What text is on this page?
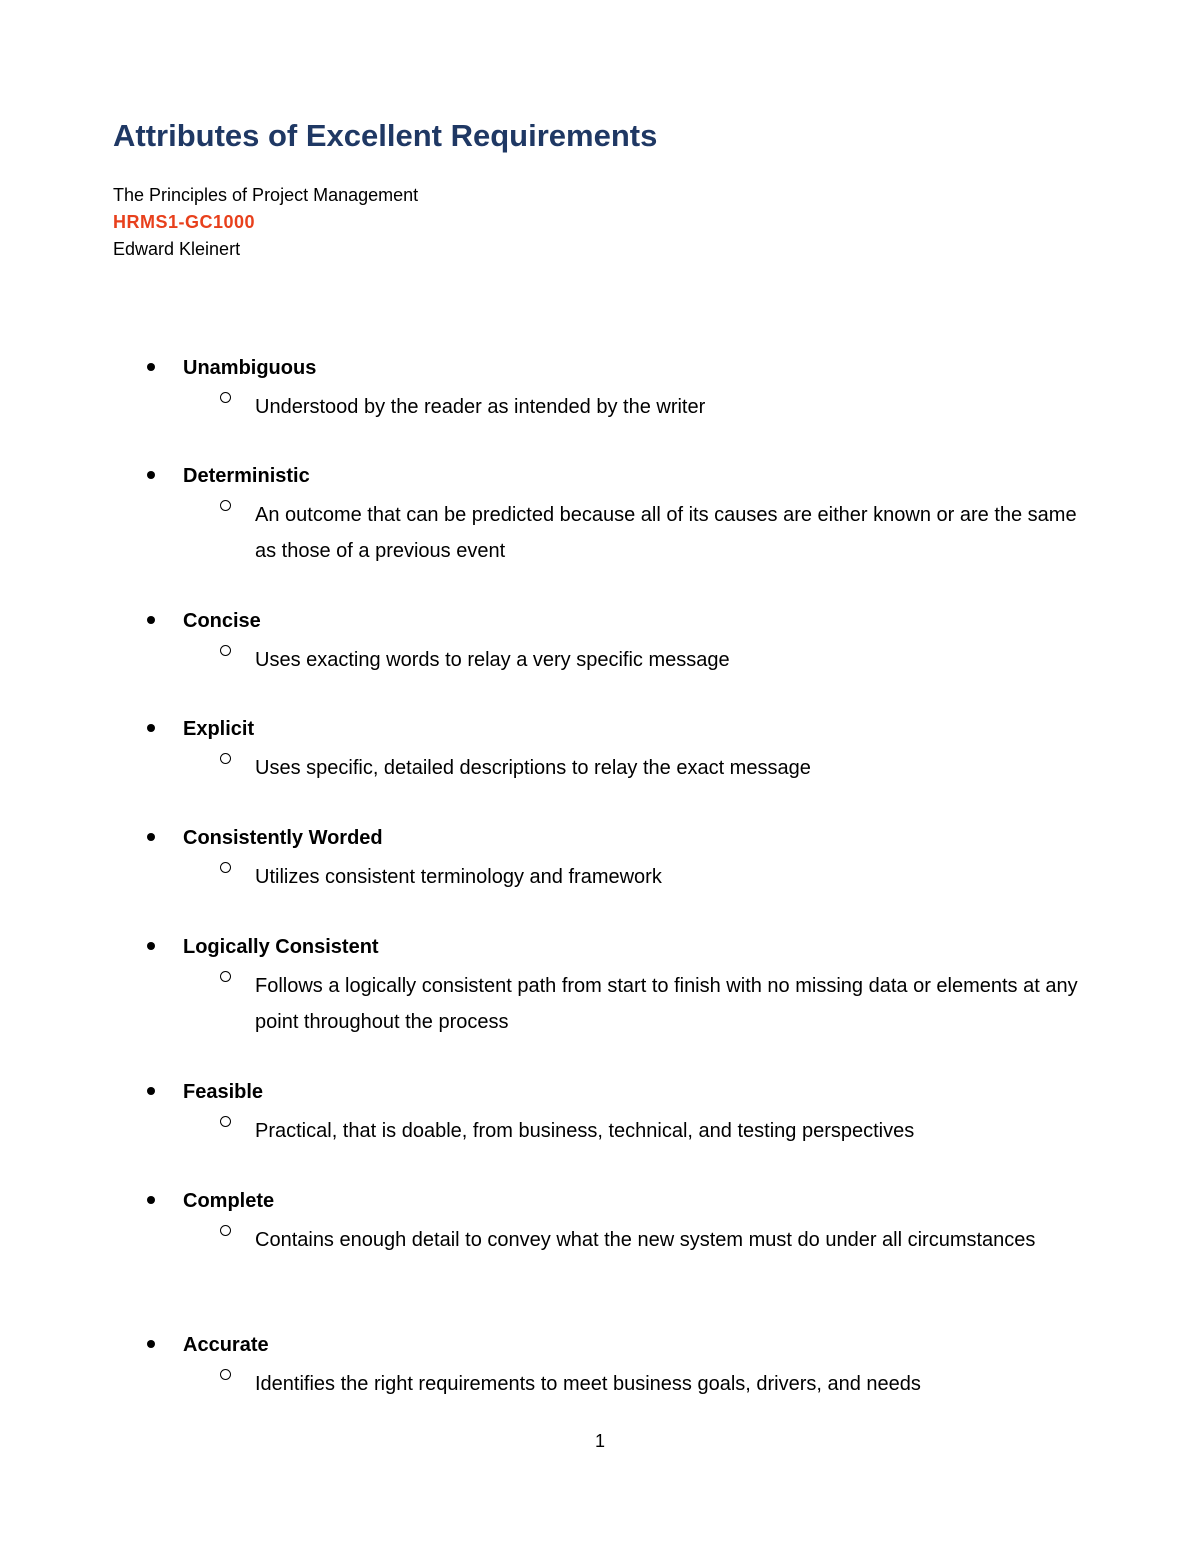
Attributes of Excellent Requirements
The Principles of Project Management
HRMS1-GC1000
Edward Kleinert
Unambiguous

Understood by the reader as intended by the writer

Deterministic

An outcome that can be predicted because all of its causes are either known or are the same as those of a previous event

Concise

Uses exacting words to relay a very specific message

Explicit

Uses specific, detailed descriptions to relay the exact message

Consistently Worded

Utilizes consistent terminology and framework

Logically Consistent

Follows a logically consistent path from start to finish with no missing data or elements at any point throughout the process

Feasible

Practical, that is doable, from business, technical, and testing perspectives

Complete

Contains enough detail to convey what the new system must do under all circumstances

Accurate

Identifies the right requirements to meet business goals, drivers, and needs

1
